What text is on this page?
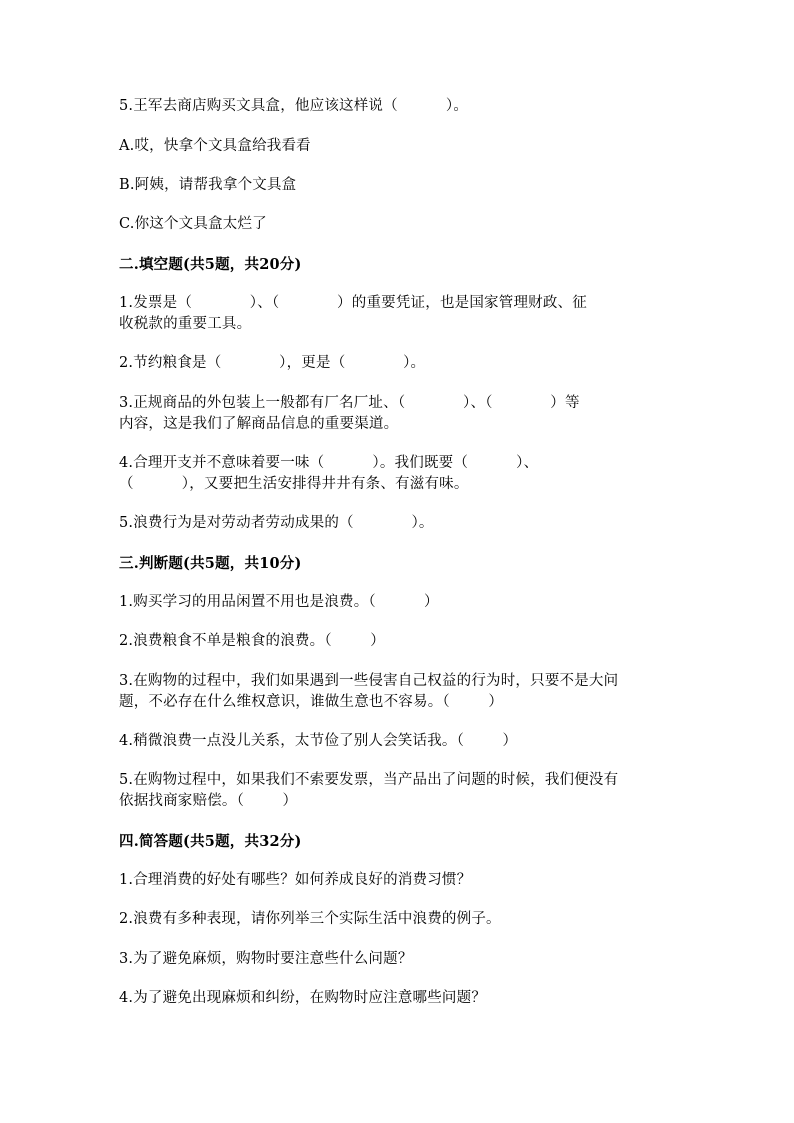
5.王军去商店购买文具盒，他应该这样说（          ）。
A.哎，快拿个文具盒给我看看
B.阿姨，请帮我拿个文具盒
C.你这个文具盒太烂了
二.填空题(共5题，共20分)
1.发票是（            ）、（            ）的重要凭证，也是国家管理财政、征
收税款的重要工具。
2.节约粮食是（            ），更是（            ）。
3.正规商品的外包装上一般都有厂名厂址、（            ）、（            ）等
内容，这是我们了解商品信息的重要渠道。
4.合理开支并不意味着要一味（          ）。我们既要（          ）、
（          ），又要把生活安排得井井有条、有滋有味。
5.浪费行为是对劳动者劳动成果的（            ）。
三.判断题(共5题，共10分)
1.购买学习的用品闲置不用也是浪费。（          ）
2.浪费粮食不单是粮食的浪费。（        ）
3.在购物的过程中，我们如果遇到一些侵害自己权益的行为时，只要不是大问
题，不必存在什么维权意识，谁做生意也不容易。（        ）
4.稍微浪费一点没儿关系，太节俭了别人会笑话我。（        ）
5.在购物过程中，如果我们不索要发票，当产品出了问题的时候，我们便没有
依据找商家赔偿。（        ）
四.简答题(共5题，共32分)
1.合理消费的好处有哪些？如何养成良好的消费习惯？
2.浪费有多种表现，请你列举三个实际生活中浪费的例子。
3.为了避免麻烦，购物时要注意些什么问题？
4.为了避免出现麻烦和纠纷，在购物时应注意哪些问题？
